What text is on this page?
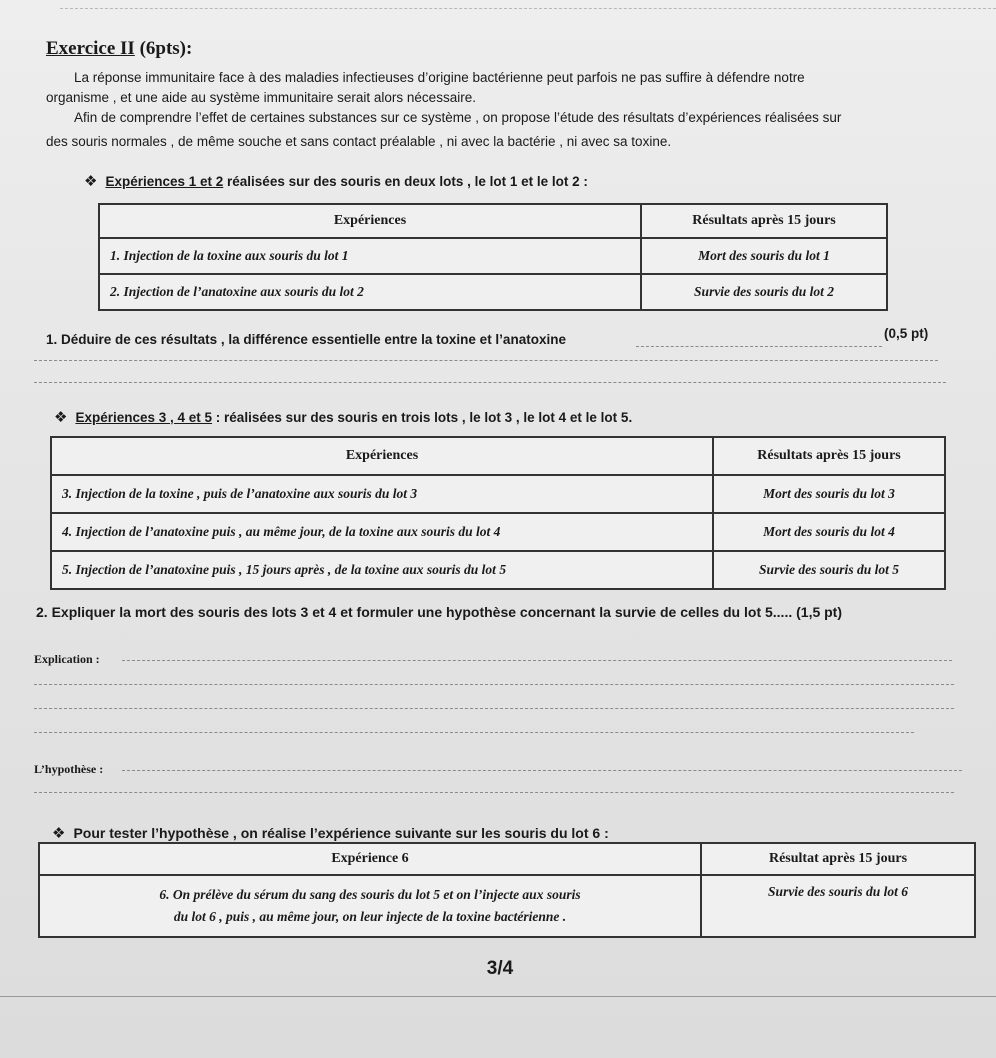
Exercice II (6pts):
La réponse immunitaire face à des maladies infectieuses d’origine bactérienne peut parfois ne pas suffire à défendre notre
organisme , et une aide au système immunitaire serait alors nécessaire.
Afin de comprendre l’effet de certaines substances sur ce système , on propose l’étude des résultats d’expériences réalisées sur
des souris normales , de même souche et sans contact préalable , ni avec la bactérie , ni avec sa toxine.
❖ Expériences 1 et 2 réalisées sur des souris en deux lots , le lot 1 et le lot 2 :
Expériences	Résultats après 15 jours
1. Injection de la toxine aux souris du lot 1	Mort des souris du lot 1
2. Injection de l’anatoxine aux souris du lot 2	Survie des souris du lot 2
1. Déduire de ces résultats , la différence essentielle entre la toxine et l’anatoxine	(0,5 pt)
❖ Expériences 3 , 4 et 5 : réalisées sur des souris en trois lots , le lot 3 , le lot 4 et le lot 5.
Expériences	Résultats après 15 jours
3. Injection de la toxine , puis de l’anatoxine aux souris du lot 3	Mort des souris du lot 3
4. Injection de l’anatoxine puis , au même jour, de la toxine aux souris du lot 4	Mort des souris du lot 4
5. Injection de l’anatoxine puis , 15 jours après , de la toxine aux souris du lot 5	Survie des souris du lot 5
2. Expliquer la mort des souris des lots 3 et 4 et formuler une hypothèse concernant la survie de celles du lot 5..... (1,5 pt)
Explication :
L’hypothèse :
❖ Pour tester l’hypothèse , on réalise l’expérience suivante sur les souris du lot 6 :
Expérience 6	Résultat après 15 jours

6. On prélève du sérum du sang des souris du lot 5 et on l’injecte aux souris
du lot 6 , puis , au même jour, on leur injecte de la toxine bactérienne .	Survie des souris du lot 6
3/4
